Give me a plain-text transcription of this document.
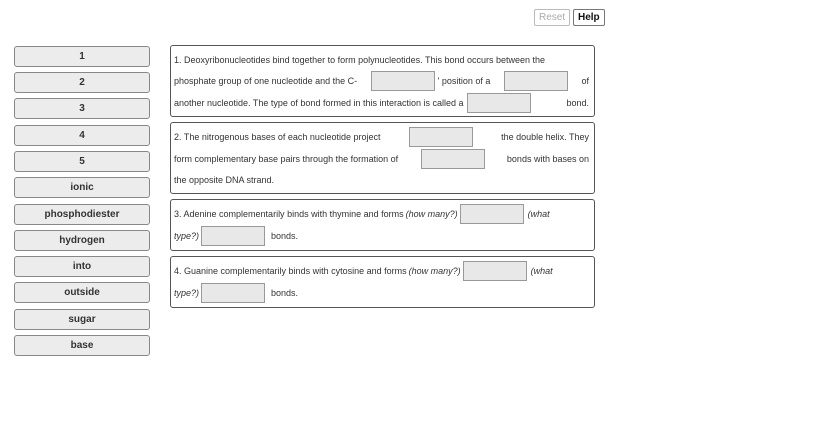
Reset	Help
1
2
3
4
5
ionic
phosphodiester
hydrogen
into
outside
sugar
base
1. Deoxyribonucleotides bind together to form polynucleotides. This bond occurs between the
phosphate group of one nucleotide and the C-	' position of a	of
another nucleotide. The type of bond formed in this interaction is called a	bond.
2. The nitrogenous bases of each nucleotide project	the double helix. They
form complementary base pairs through the formation of	bonds with bases on
the opposite DNA strand.
3. Adenine complementarily binds with thymine and forms (how many?)	(what
type?)	bonds.
4. Guanine complementarily binds with cytosine and forms (how many?)	(what
type?)	bonds.
